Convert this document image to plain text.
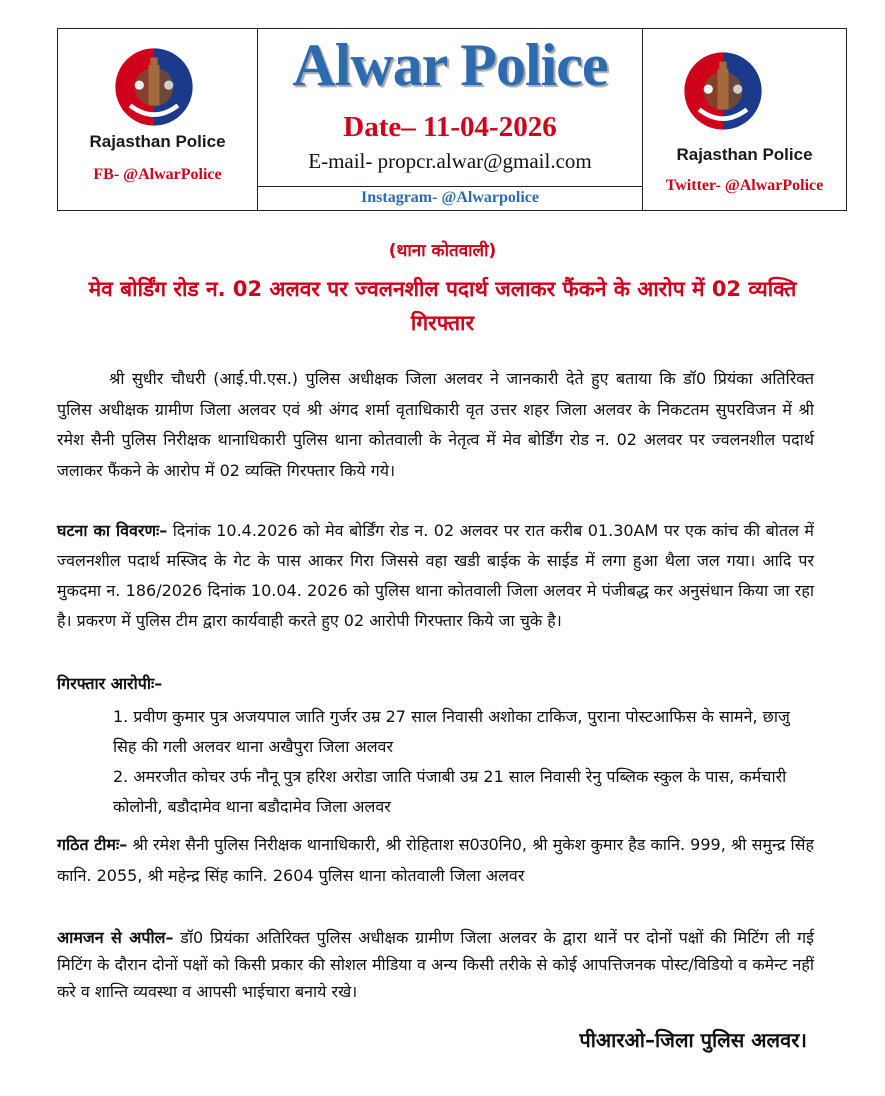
Rajasthan Police
FB- @AlwarPolice
Alwar Police
Date– 11-04-2026
E-mail- propcr.alwar@gmail.com
Instagram- @Alwarpolice
Rajasthan Police
Twitter- @AlwarPolice
(थाना कोतवाली)
मेव बोर्डिंग रोड न. 02 अलवर पर ज्वलनशील पदार्थ जलाकर फैंकने के आरोप में 02 व्यक्ति गिरफ्तार

श्री सुधीर चौधरी (आई.पी.एस.) पुलिस अधीक्षक जिला अलवर ने जानकारी देते हुए बताया कि डॉ0 प्रियंका अतिरिक्त पुलिस अधीक्षक ग्रामीण जिला अलवर एवं श्री अंगद शर्मा वृताधिकारी वृत उत्तर शहर जिला अलवर के निकटतम सुपरविजन में श्री रमेश सैनी पुलिस निरीक्षक थानाधिकारी पुलिस थाना कोतवाली के नेतृत्व में मेव बोर्डिंग रोड न. 02 अलवर पर ज्वलनशील पदार्थ जलाकर फैंकने के आरोप में 02 व्यक्ति गिरफ्तार किये गये।

घटना का विवरणः– दिनांक 10.4.2026 को मेव बोर्डिंग रोड न. 02 अलवर पर रात करीब 01.30AM पर एक कांच की बोतल में ज्वलनशील पदार्थ मस्जिद के गेट के पास आकर गिरा जिससे वहा खडी बाईक के साईड में लगा हुआ थैला जल गया। आदि पर मुकदमा न. 186/2026 दिनांक 10.04. 2026 को पुलिस थाना कोतवाली जिला अलवर मे पंजीबद्ध कर अनुसंधान किया जा रहा है। प्रकरण में पुलिस टीम द्वारा कार्यवाही करते हुए 02 आरोपी गिरफ्तार किये जा चुके है।

गिरफ्तार आरोपीः–
1. प्रवीण कुमार पुत्र अजयपाल जाति गुर्जर उम्र 27 साल निवासी अशोका टाकिज, पुराना पोस्टआफिस के सामने, छाजु सिह की गली अलवर थाना अखैपुरा जिला अलवर
2. अमरजीत कोचर उर्फ नौनू पुत्र हरिश अरोडा जाति पंजाबी उम्र 21 साल निवासी रेनु पब्लिक स्कुल के पास, कर्मचारी कोलोनी, बडौदामेव थाना बडौदामेव जिला अलवर

गठित टीमः– श्री रमेश सैनी पुलिस निरीक्षक थानाधिकारी, श्री रोहिताश स0उ0नि0, श्री मुकेश कुमार हैड कानि. 999, श्री समुन्द्र सिंह कानि. 2055, श्री महेन्द्र सिंह कानि. 2604 पुलिस थाना कोतवाली जिला अलवर

आमजन से अपील– डॉ0 प्रियंका अतिरिक्त पुलिस अधीक्षक ग्रामीण जिला अलवर के द्वारा थानें पर दोनों पक्षों की मिटिंग ली गई मिटिंग के दौरान दोनों पक्षों को किसी प्रकार की सोशल मीडिया व अन्य किसी तरीके से कोई आपत्तिजनक पोस्ट/विडियो व कमेन्ट नहीं करे व शान्ति व्यवस्था व आपसी भाईचारा बनाये रखे।

पीआरओ–जिला पुलिस अलवर।
